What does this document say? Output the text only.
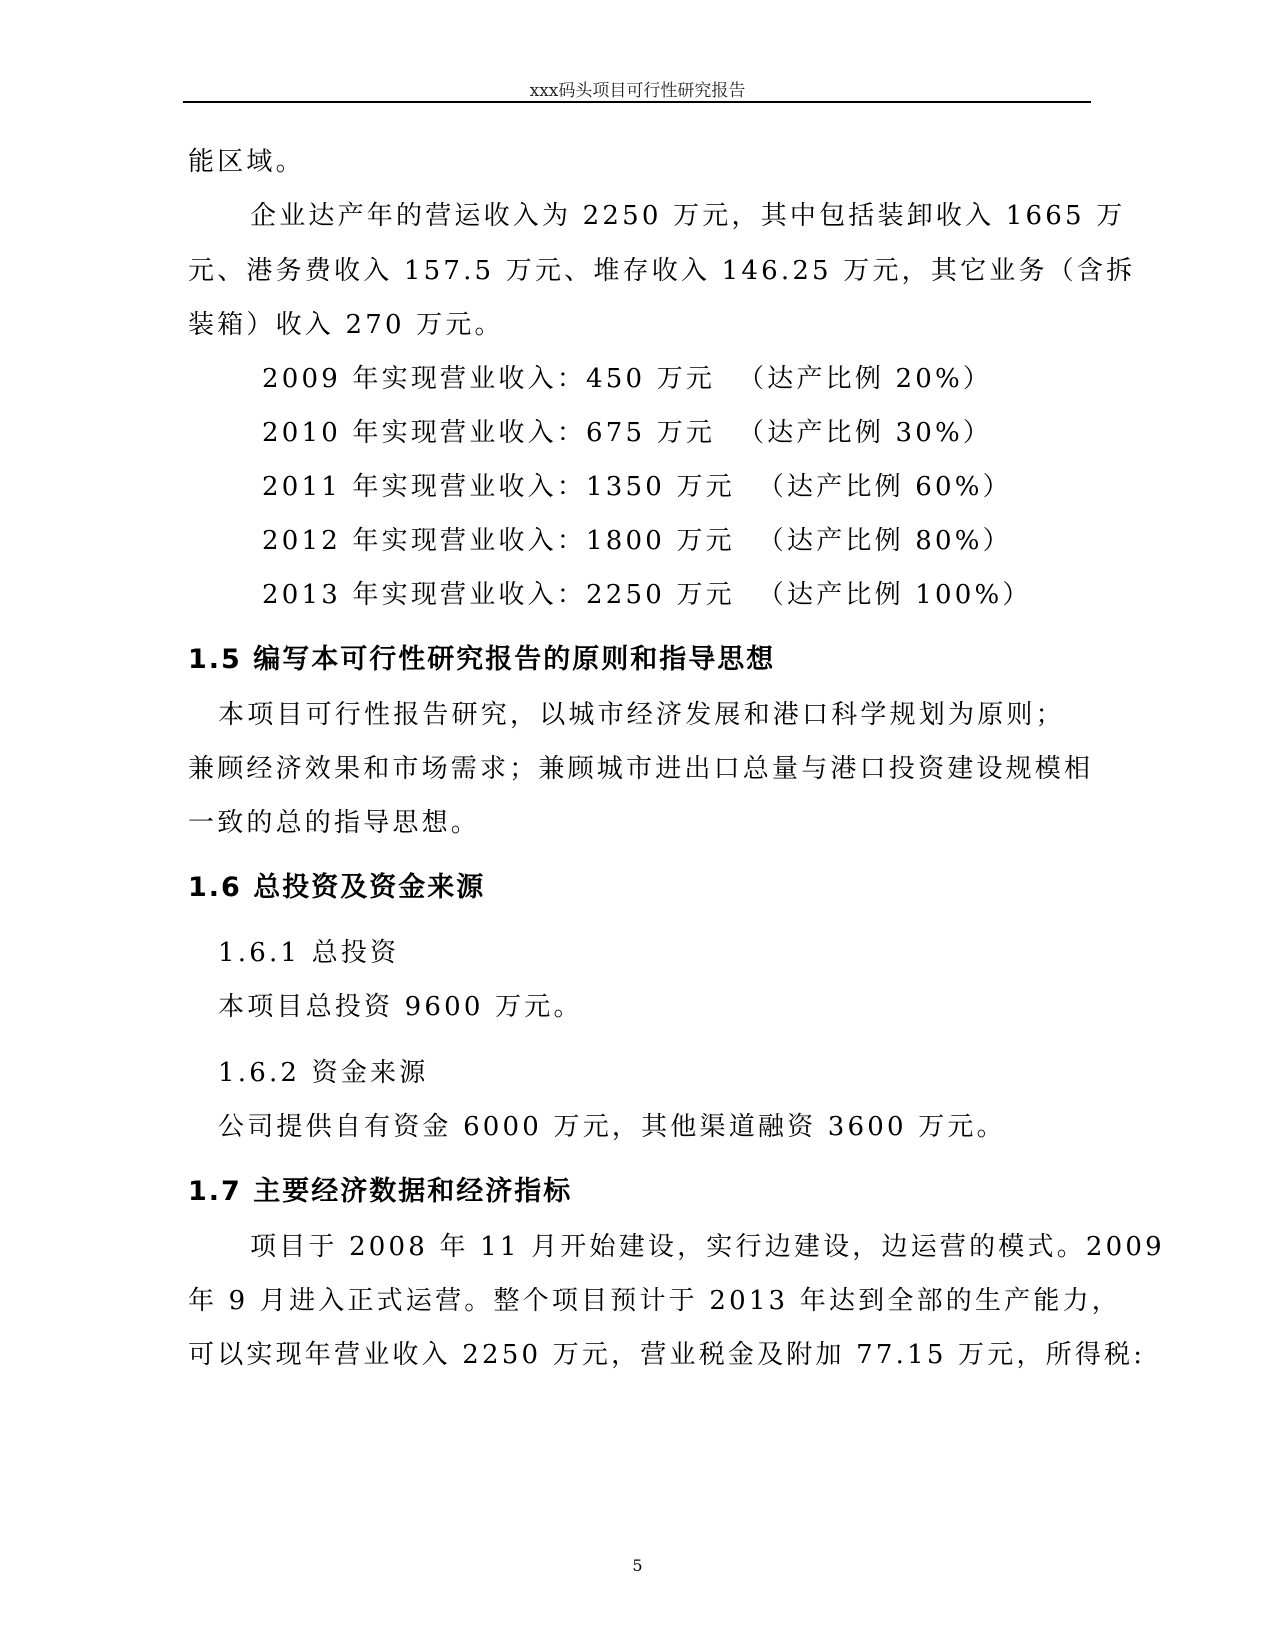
xxx码头项目可行性研究报告
能区域。
企业达产年的营运收入为 2250 万元，其中包括装卸收入 1665 万
元、港务费收入 157.5 万元、堆存收入 146.25 万元，其它业务（含拆
装箱）收入 270 万元。
2009 年实现营业收入：450 万元  （达产比例 20%）
2010 年实现营业收入：675 万元  （达产比例 30%）
2011 年实现营业收入：1350 万元  （达产比例 60%）
2012 年实现营业收入：1800 万元  （达产比例 80%）
2013 年实现营业收入：2250 万元  （达产比例 100%）
1.5 编写本可行性研究报告的原则和指导思想
本项目可行性报告研究，以城市经济发展和港口科学规划为原则；
兼顾经济效果和市场需求；兼顾城市进出口总量与港口投资建设规模相
一致的总的指导思想。
1.6 总投资及资金来源
1.6.1 总投资
本项目总投资 9600 万元。
1.6.2 资金来源
公司提供自有资金 6000 万元，其他渠道融资 3600 万元。
1.7 主要经济数据和经济指标
项目于 2008 年 11 月开始建设，实行边建设，边运营的模式。2009
年 9 月进入正式运营。整个项目预计于 2013 年达到全部的生产能力，
可以实现年营业收入 2250 万元，营业税金及附加 77.15 万元，所得税:
5
